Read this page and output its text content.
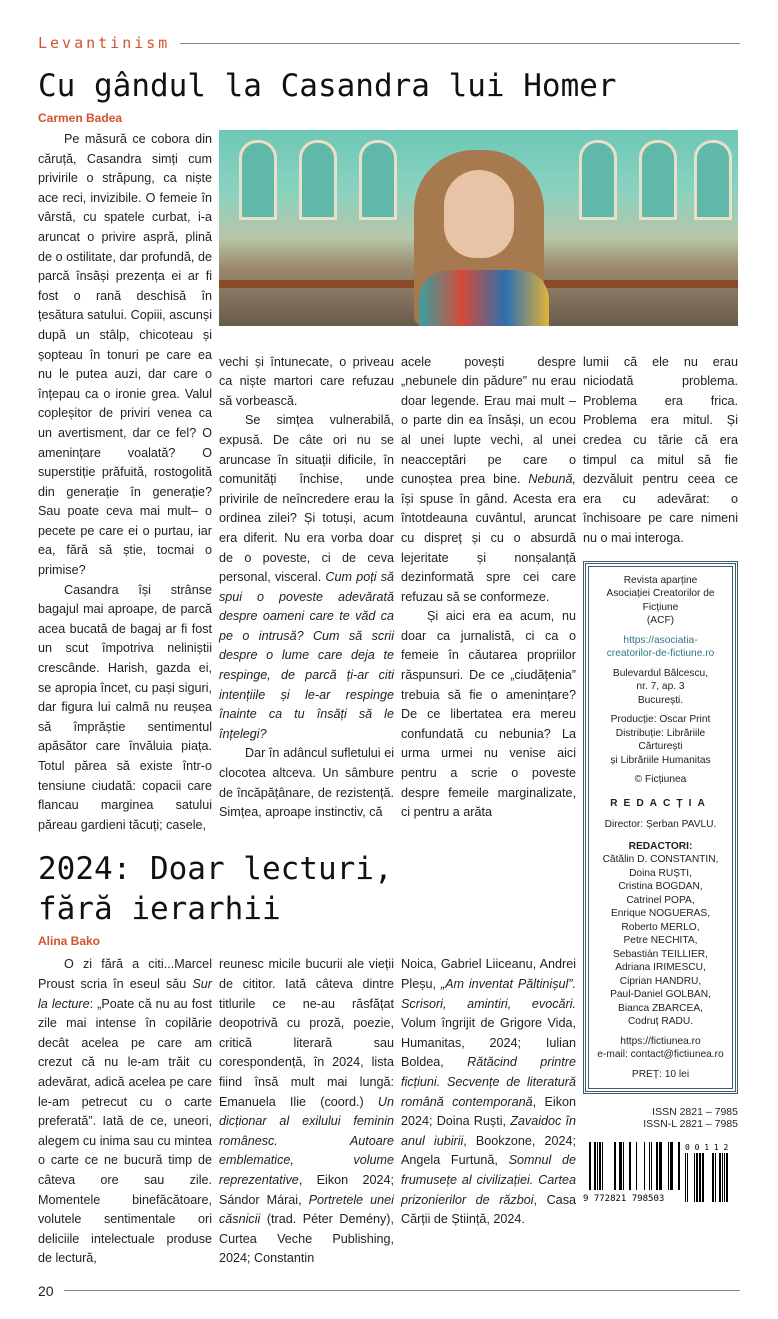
Levantinism
Cu gândul la Casandra lui Homer
Carmen Badea

Pe măsură ce cobora din căruță, Casandra simți cum privirile o străpung, ca niște ace reci, invizibile. O femeie în vârstă, cu spatele curbat, i-a aruncat o privire aspră, plină de o ostilitate, dar profundă, de parcă însăși prezența ei ar fi fost o rană deschisă în țesătura satului. Copiii, ascunși după un stâlp, chicoteau și șopteau în tonuri pe care ea nu le putea auzi, dar care o înțepau ca o ironie grea. Valul copleșitor de priviri venea ca un avertisment, dar ce fel? O amenințare voalată? O superstiție prăfuită, rostogolită din generație în generație? Sau poate ceva mai mult– o pecete pe care ei o purtau, iar ea, fără să știe, tocmai o primise?

Casandra își strânse bagajul mai aproape, de parcă acea bucată de bagaj ar fi fost un scut împotriva neliniștii crescânde. Harish, gazda ei, se apropia încet, cu pași siguri, dar figura lui calmă nu reușea să împrăștie sentimentul apăsător care învăluia piața. Totul părea să existe într-o tensiune ciudată: copacii care flancau marginea satului păreau gardieni tăcuți; casele,

vechi și întunecate, o priveau ca niște martori care refuzau să vorbească.

Se simțea vulnerabilă, expusă. De câte ori nu se aruncase în situații dificile, în comunități închise, unde privirile de neîncredere erau la ordinea zilei? Și totuși, acum era diferit. Nu era vorba doar de o poveste, ci de ceva personal, visceral. Cum poți să spui o poveste adevărată despre oameni care te văd ca pe o intrusă? Cum să scrii despre o lume care deja te respinge, de parcă ți-ar citi intențiile și le-ar respinge înainte ca tu însăți să le înțelegi?

Dar în adâncul sufletului ei clocotea altceva. Un sâmbure de încăpățânare, de rezistență. Simțea, aproape instinctiv, că

acele povești despre „nebunele din pădure” nu erau doar legende. Erau mai mult – o parte din ea însăși, un ecou al unei lupte vechi, al unei neacceptări pe care o cunoștea prea bine. Nebună, își spuse în gând. Acesta era întotdeauna cuvântul, aruncat cu dispreț și cu o absurdă lejeritate și nonșalanță dezinformată spre cei care refuzau să se conformeze.

Și aici era ea acum, nu doar ca jurnalistă, ci ca o femeie în căutarea propriilor răspunsuri. De ce „ciudățenia” trebuia să fie o amenințare? De ce libertatea era mereu confundată cu nebunia? La urma urmei nu venise aici pentru a scrie o poveste despre femeile marginalizate, ci pentru a arăta

lumii că ele nu erau niciodată problema. Problema era frica. Problema era mitul. Și credea cu tărie că era timpul ca mitul să fie dezvăluit pentru ceea ce era cu adevărat: o închisoare pe care nimeni nu o mai interoga.

Revista aparține
Asociației Creatorilor de Ficțiune
(ACF)
https://asociatia-
creatorilor-de-fictiune.ro
Bulevardul Bălcescu,
nr. 7, ap. 3
București.
Producție: Oscar Print
Distribuție: Librăriile Cărturești
și Librăriile Humanitas
© Ficțiunea
REDACȚIA
Director: Șerban PAVLU.
REDACTORI:
Cătălin D. CONSTANTIN,
Doina RUȘTI,
Cristina BOGDAN,
Catrinel POPA,
Enrique NOGUERAS,
Roberto MERLO,
Petre NECHITA,
Sebastián TEILLIER,
Adriana IRIMESCU,
Ciprian HANDRU,
Paul-Daniel GOLBAN,
Bianca ZBARCEA,
Codruț RADU.
https://fictiunea.ro
e-mail: contact@fictiunea.ro
PREȚ: 10 lei
ISSN 2821 – 7985
ISSN-L 2821 – 7985
9 772821 798503
0 0 1 1 2
2024: Doar lecturi,
fără ierarhii
Alina Bako

O zi fără a citi...Marcel Proust scria în eseul său Sur la lecture: „Poate că nu au fost zile mai intense în copilărie decât acelea pe care am crezut că nu le-am trăit cu adevărat, adică acelea pe care le-am petrecut cu o carte preferată”. Iată de ce, uneori, alegem cu inima sau cu mintea o carte ce ne bucură timp de câteva ore sau zile. Momentele binefăcătoare, volutele sentimentale ori deliciile intelectuale produse de lectură,

reunesc micile bucurii ale vieții de cititor. Iată câteva dintre titlurile ce ne-au răsfățat deopotrivă cu proză, poezie, critică literară sau corespondență, în 2024, lista fiind însă mult mai lungă: Emanuela Ilie (coord.) Un dicționar al exilului feminin românesc. Autoare emblematice, volume reprezentative, Eikon 2024; Sándor Márai, Portretele unei căsnicii (trad. Péter Demény), Curtea Veche Publishing, 2024; Constantin

Noica, Gabriel Liiceanu, Andrei Pleșu, „Am inventat Păltinișul”. Scrisori, amintiri, evocări. Volum îngrijit de Grigore Vida, Humanitas, 2024; Iulian Boldea, Rătăcind printre ficțiuni. Secvențe de literatură română contemporană, Eikon 2024; Doina Ruști, Zavaidoc în anul iubirii, Bookzone, 2024; Angela Furtună, Somnul de frumusețe al civilizației. Cartea prizonierilor de război, Casa Cărții de Știință, 2024.

20
